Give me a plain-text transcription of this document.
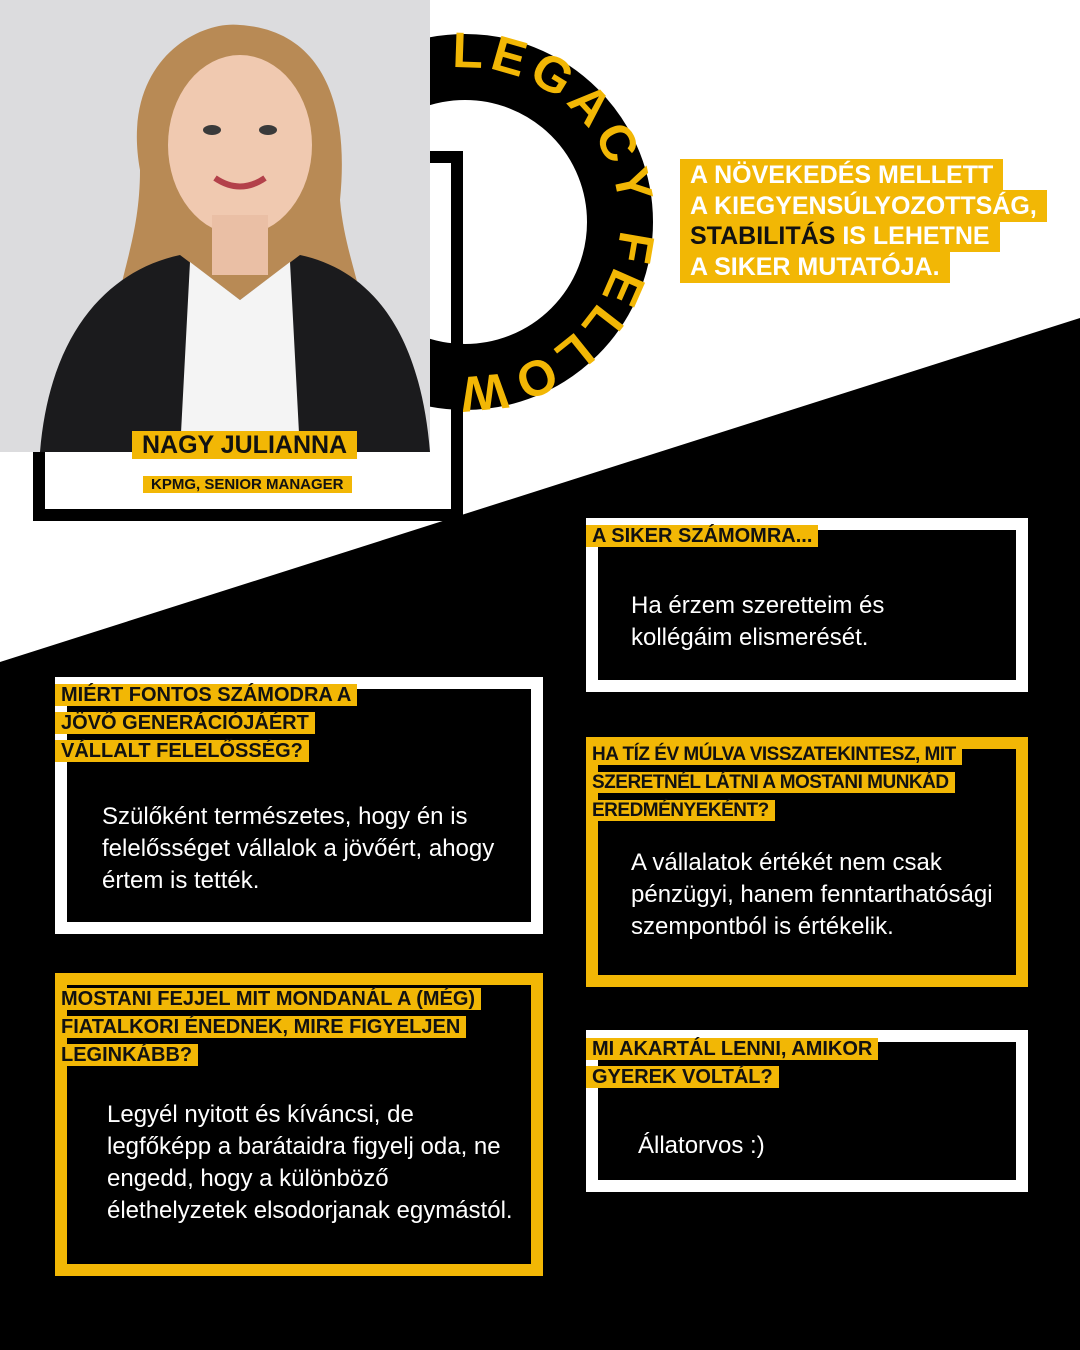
LEGACY FELLOW
NAGY JULIANNA
KPMG, SENIOR MANAGER
A NÖVEKEDÉS MELLETT
A KIEGYENSÚLYOZOTTSÁG,
STABILITÁS IS LEHETNE
A SIKER MUTATÓJA.
Ha érzem szeretteim és kollégáim elismerését.
A SIKER SZÁMOMRA...
Szülőként természetes, hogy én is felelősséget vállalok a jövőért, ahogy értem is tették.
MIÉRT FONTOS SZÁMODRA A JÖVŐ GENERÁCIÓJÁÉRT VÁLLALT FELELŐSSÉG?
A vállalatok értékét nem csak pénzügyi, hanem fenntarthatósági szempontból is értékelik.
HA TÍZ ÉV MÚLVA VISSZATEKINTESZ, MIT SZERETNÉL LÁTNI A MOSTANI MUNKÁD EREDMÉNYEKÉNT?
Legyél nyitott és kíváncsi, de legfőképp a barátaidra figyelj oda, ne engedd, hogy a különböző élethelyzetek elsodorjanak egymástól.
MOSTANI FEJJEL MIT MONDANÁL A (MÉG) FIATALKORI ÉNEDNEK, MIRE FIGYELJEN LEGINKÁBB?
Állatorvos :)
MI AKARTÁL LENNI, AMIKOR GYEREK VOLTÁL?
